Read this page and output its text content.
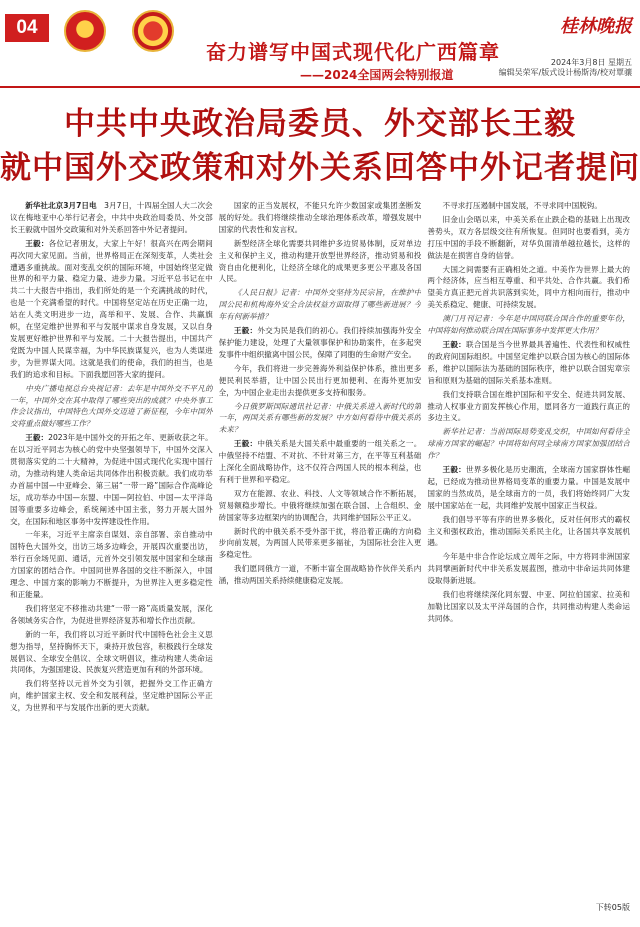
04
奋力谱写中国式现代化广西篇章
——2024全国两会特别报道
桂林晚报
2024年3月8日 星期五
编辑吴荣军/版式设计杨斯涛/校对覃骧
中共中央政治局委员、外交部长王毅
就中国外交政策和对外关系回答中外记者提问

新华社北京3月7日电　3月7日，十四届全国人大二次会议在梅地亚中心举行记者会，中共中央政治局委员、外交部长王毅就中国外交政策和对外关系回答中外记者提问。

王毅：各位记者朋友，大家上午好！很高兴在两会期间再次同大家见面。当前，世界格局正在深刻变革，人类社会遭遇多重挑战。面对变乱交织的国际环境，中国始终坚定做世界的和平力量、稳定力量、进步力量。习近平总书记在中共二十大报告中指出，我们所处的是一个充满挑战的时代，也是一个充满希望的时代。中国将坚定站在历史正确一边，站在人类文明进步一边，高举和平、发展、合作、共赢旗帜，在坚定维护世界和平与发展中谋求自身发展，又以自身发展更好维护世界和平与发展。二十大报告提出，中国共产党既为中国人民谋幸福，为中华民族谋复兴，也为人类谋进步，为世界谋大同。这就是我们的使命，我们的担当，也是我们的追求和目标。下面我愿回答大家的提问。

中央广播电视总台央视记者：去年是中国外交不平凡的一年，中国外交在其中取得了哪些突出的成就？中央外事工作会议指出，中国特色大国外交迈进了新征程，今年中国外交将重点做好哪些工作？

王毅：2023年是中国外交的开拓之年、更新收获之年。在以习近平同志为核心的党中央坚强领导下，中国外交深入贯彻落实党的二十大精神，为促进中国式现代化实现中国行动，为推动构建人类命运共同体作出积极贡献。我们成功举办首届中国—中亚峰会、第三届“一带一路”国际合作高峰论坛，成功举办中国—东盟、中国—阿拉伯、中国—太平洋岛国等重要多边峰会，系统阐述中国主张，努力开展大国外交，在国际和地区事务中发挥建设性作用。

一年来，习近平主席亲自谋划、亲自部署、亲自推动中国特色大国外交，出访三场多边峰会，开展四次重要出访，举行百余场见面、通话，元首外交引领发展中国家和全球南方国家的团结合作。中国同世界各国的交往不断深入，中国理念、中国方案的影响力不断提升，为世界注入更多稳定性和正能量。

我们将坚定不移推动共建“一带一路”高质量发展，深化各领域务实合作，为促进世界经济复苏和增长作出贡献。

新的一年，我们将以习近平新时代中国特色社会主义思想为指导，坚持胸怀天下，秉持开放包容，积极践行全球发展倡议、全球安全倡议、全球文明倡议，推动构建人类命运共同体，为强国建设、民族复兴营造更加有利的外部环境。

我们将坚持以元首外交为引领，把握外交工作正确方向，维护国家主权、安全和发展利益，坚定维护国际公平正义，为世界和平与发展作出新的更大贡献。

国家的正当发展权，不能只允许少数国家或集团垄断发展的好处。我们将继续推动全球治理体系改革，增强发展中国家的代表性和发言权。

新型经济全球化需要共同维护多边贸易体制，反对单边主义和保护主义，推动构建开放型世界经济，推动贸易和投资自由化便利化，让经济全球化的成果更多更公平惠及各国人民。

《人民日报》记者：中国外交坚持为民宗旨，在维护中国公民和机构海外安全合法权益方面取得了哪些新进展？今年有何新举措？

王毅：外交为民是我们的初心。我们持续加强海外安全保护能力建设，处理了大量领事保护和协助案件，在多起突发事件中组织撤离中国公民，保障了同胞的生命财产安全。

今年，我们将进一步完善海外利益保护体系，推出更多便民利民举措，让中国公民出行更加便利、在海外更加安全，为中国企业走出去提供更多支持和服务。

今日俄罗斯国际通讯社记者：中俄关系进入新时代的第一年，两国关系有哪些新的发展？中方如何看待中俄关系的未来？

王毅：中俄关系是大国关系中最重要的一组关系之一。中俄坚持不结盟、不对抗、不针对第三方，在平等互利基础上深化全面战略协作，这不仅符合两国人民的根本利益，也有利于世界和平稳定。

双方在能源、农业、科技、人文等领域合作不断拓展，贸易额稳步增长。中俄将继续加强在联合国、上合组织、金砖国家等多边框架内的协调配合，共同维护国际公平正义。

新时代的中俄关系不受外部干扰，将沿着正确的方向稳步向前发展，为两国人民带来更多福祉，为国际社会注入更多稳定性。

我们愿同俄方一道，不断丰富全面战略协作伙伴关系内涵，推动两国关系持续健康稳定发展。

不寻求打压遏制中国发展，不寻求同中国脱钩。

旧金山会晤以来，中美关系在止跌企稳的基础上出现改善势头，双方各层级交往有所恢复。但同时也要看到，美方打压中国的手段不断翻新，对华负面清单越拉越长，这样的做法是在损害自身的信誉。

大国之间需要有正确相处之道。中美作为世界上最大的两个经济体，应当相互尊重、和平共处、合作共赢。我们希望美方真正把元首共识落到实处，同中方相向而行，推动中美关系稳定、健康、可持续发展。

澳门月刊记者：今年是中国同联合国合作的重要年份，中国将如何推动联合国在国际事务中发挥更大作用？

王毅：联合国是当今世界最具普遍性、代表性和权威性的政府间国际组织。中国坚定维护以联合国为核心的国际体系，维护以国际法为基础的国际秩序，维护以联合国宪章宗旨和原则为基础的国际关系基本准则。

我们支持联合国在维护国际和平安全、促进共同发展、推动人权事业方面发挥核心作用，愿同各方一道践行真正的多边主义。

新华社记者：当前国际局势变乱交织，中国如何看待全球南方国家的崛起？中国将如何同全球南方国家加强团结合作？

王毅：世界多极化是历史潮流，全球南方国家群体性崛起，已经成为推动世界格局变革的重要力量。中国是发展中国家的当然成员，是全球南方的一员，我们将始终同广大发展中国家站在一起，共同维护发展中国家正当权益。

我们倡导平等有序的世界多极化，反对任何形式的霸权主义和强权政治，推动国际关系民主化，让各国共享发展机遇。

今年是中非合作论坛成立周年之际，中方将同非洲国家共同擘画新时代中非关系发展蓝图，推动中非命运共同体建设取得新进展。

我们也将继续深化同东盟、中亚、阿拉伯国家、拉美和加勒比国家以及太平洋岛国的合作，共同推动构建人类命运共同体。

下转05版
